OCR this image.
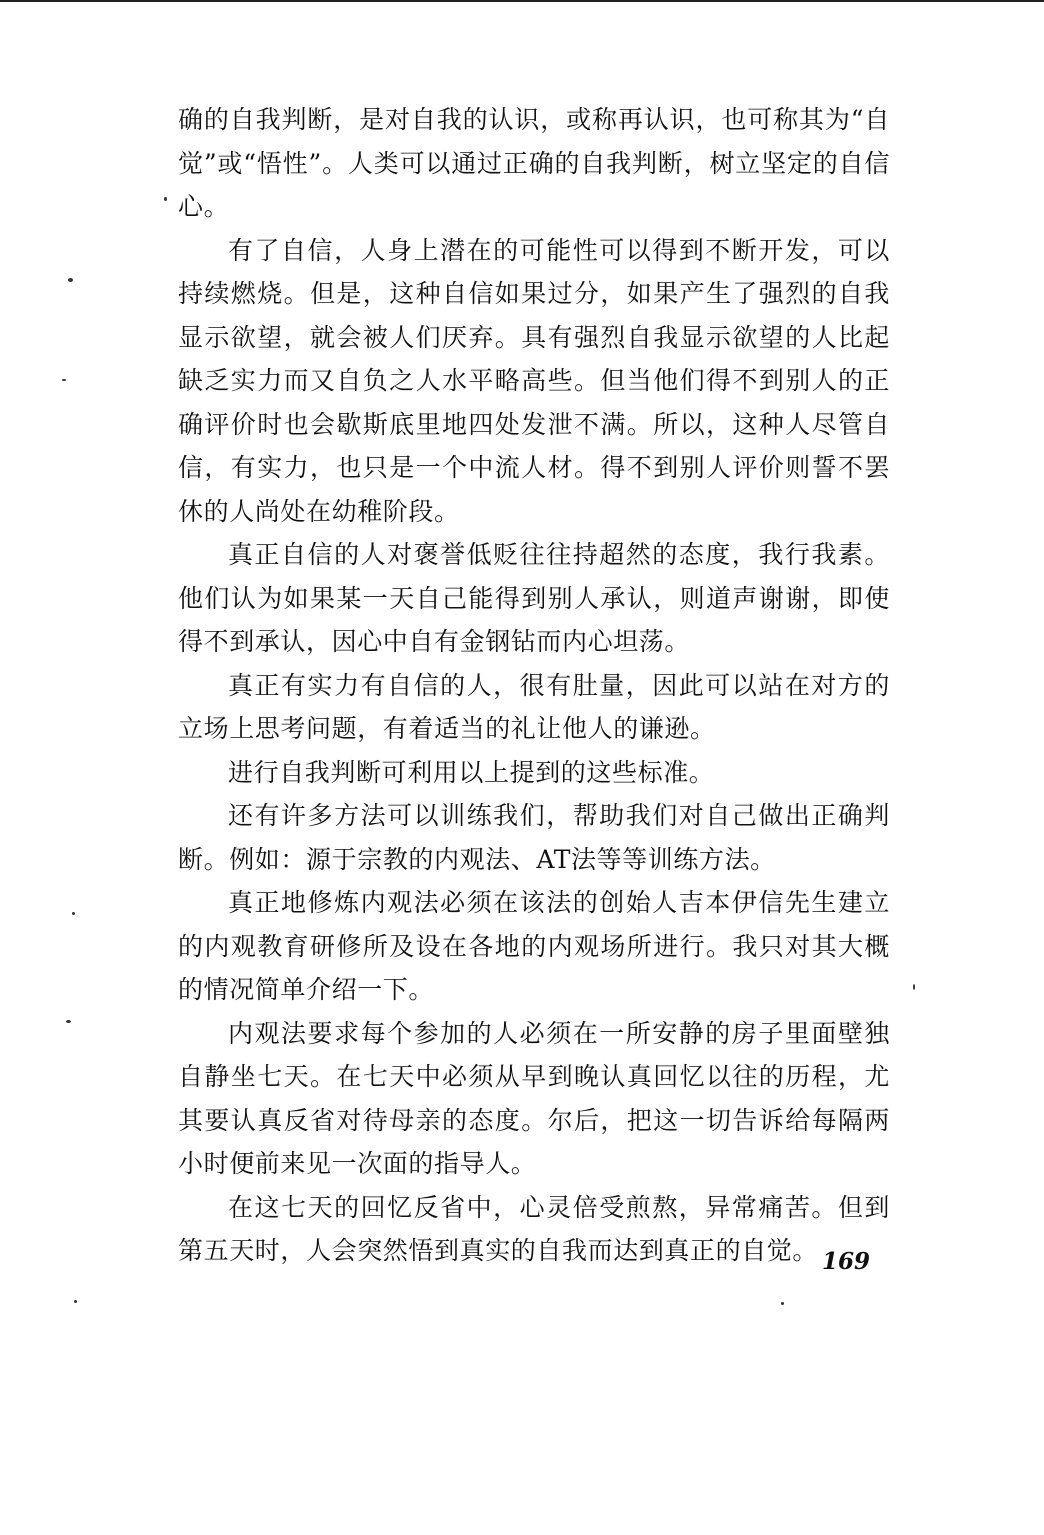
确的自我判断，是对自我的认识，或称再认识，也可称其为“自觉”或“悟性”。人类可以通过正确的自我判断，树立坚定的自信心。

有了自信，人身上潜在的可能性可以得到不断开发，可以持续燃烧。但是，这种自信如果过分，如果产生了强烈的自我显示欲望，就会被人们厌弃。具有强烈自我显示欲望的人比起缺乏实力而又自负之人水平略高些。但当他们得不到别人的正确评价时也会歇斯底里地四处发泄不满。所以，这种人尽管自信，有实力，也只是一个中流人材。得不到别人评价则誓不罢休的人尚处在幼稚阶段。

真正自信的人对褒誉低贬往往持超然的态度，我行我素。他们认为如果某一天自己能得到别人承认，则道声谢谢，即使得不到承认，因心中自有金钢钻而内心坦荡。

真正有实力有自信的人，很有肚量，因此可以站在对方的立场上思考问题，有着适当的礼让他人的谦逊。

进行自我判断可利用以上提到的这些标准。

还有许多方法可以训练我们，帮助我们对自己做出正确判断。例如：源于宗教的内观法、AT法等等训练方法。

真正地修炼内观法必须在该法的创始人吉本伊信先生建立的内观教育研修所及设在各地的内观场所进行。我只对其大概的情况简单介绍一下。

内观法要求每个参加的人必须在一所安静的房子里面壁独自静坐七天。在七天中必须从早到晚认真回忆以往的历程，尤其要认真反省对待母亲的态度。尔后，把这一切告诉给每隔两小时便前来见一次面的指导人。

在这七天的回忆反省中，心灵倍受煎熬，异常痛苦。但到第五天时，人会突然悟到真实的自我而达到真正的自觉。 169
